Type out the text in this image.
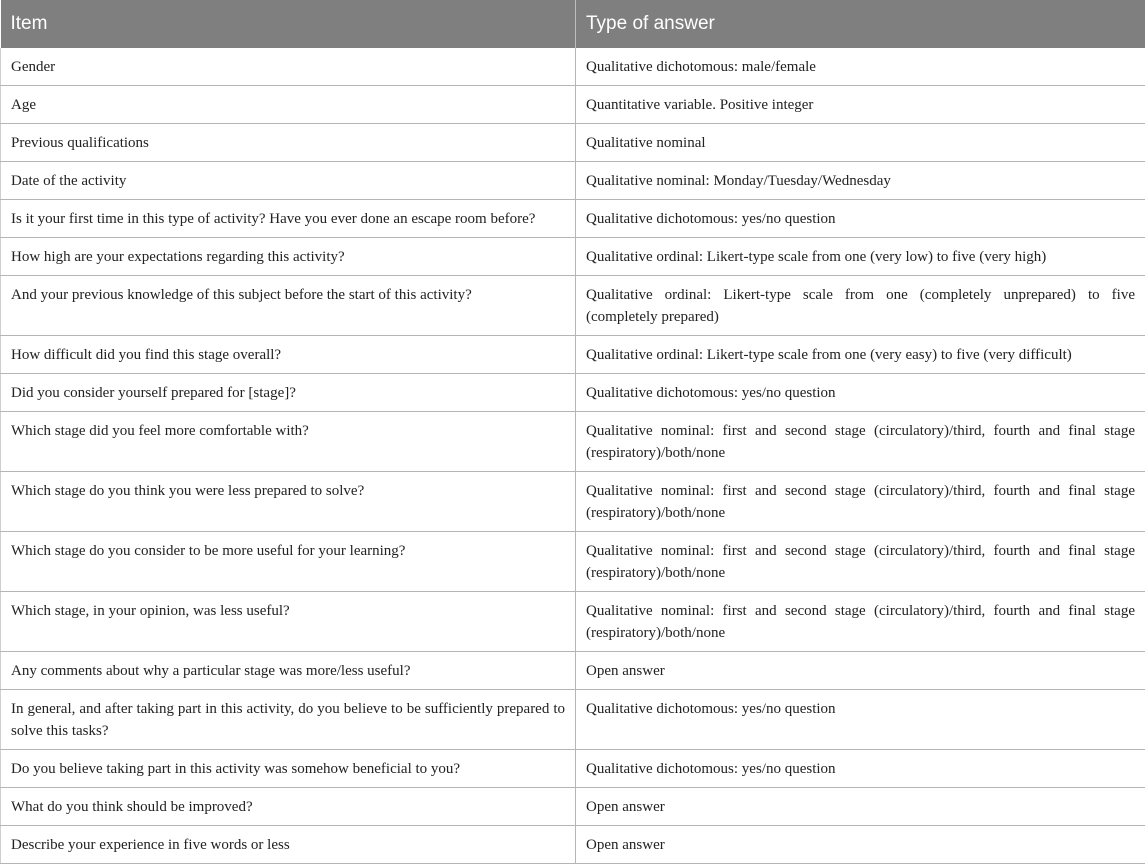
Item	Type of answer
Gender	Qualitative dichotomous: male/female
Age	Quantitative variable. Positive integer
Previous qualifications	Qualitative nominal
Date of the activity	Qualitative nominal: Monday/Tuesday/Wednesday
Is it your first time in this type of activity? Have you ever done an escape room before?	Qualitative dichotomous: yes/no question
How high are your expectations regarding this activity?	Qualitative ordinal: Likert-type scale from one (very low) to five (very high)
And your previous knowledge of this subject before the start of this activity?	Qualitative ordinal: Likert-type scale from one (completely unprepared) to five (completely prepared)
How difficult did you find this stage overall?	Qualitative ordinal: Likert-type scale from one (very easy) to five (very difficult)
Did you consider yourself prepared for [stage]?	Qualitative dichotomous: yes/no question
Which stage did you feel more comfortable with?	Qualitative nominal: first and second stage (circulatory)/third, fourth and final stage (respiratory)/both/none
Which stage do you think you were less prepared to solve?	Qualitative nominal: first and second stage (circulatory)/third, fourth and final stage (respiratory)/both/none
Which stage do you consider to be more useful for your learning?	Qualitative nominal: first and second stage (circulatory)/third, fourth and final stage (respiratory)/both/none
Which stage, in your opinion, was less useful?	Qualitative nominal: first and second stage (circulatory)/third, fourth and final stage (respiratory)/both/none
Any comments about why a particular stage was more/less useful?	Open answer
In general, and after taking part in this activity, do you believe to be sufficiently prepared to solve this tasks?	Qualitative dichotomous: yes/no question
Do you believe taking part in this activity was somehow beneficial to you?	Qualitative dichotomous: yes/no question
What do you think should be improved?	Open answer
Describe your experience in five words or less	Open answer
